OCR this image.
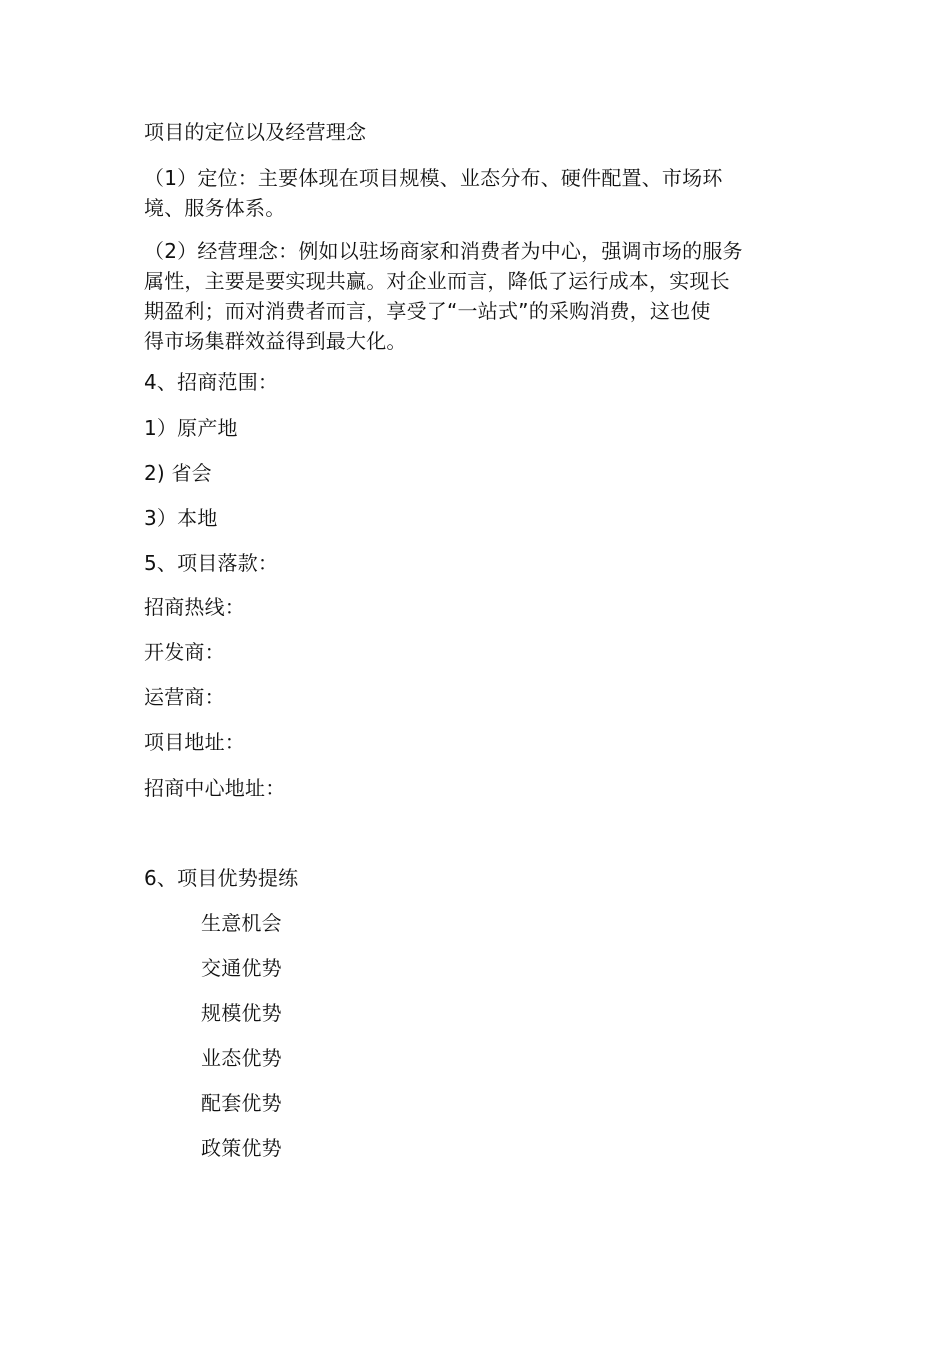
项目的定位以及经营理念
（1）定位：主要体现在项目规模、业态分布、硬件配置、市场环
境、服务体系。
（2）经营理念：例如以驻场商家和消费者为中心，强调市场的服务
属性，主要是要实现共赢。对企业而言，降低了运行成本，实现长
期盈利；而对消费者而言，享受了“一站式”的采购消费，这也使
得市场集群效益得到最大化。
4、招商范围：
1）原产地
2) 省会
3）本地
5、项目落款：
招商热线：
开发商：
运营商：
项目地址：
招商中心地址：
6、项目优势提练
生意机会
交通优势
规模优势
业态优势
配套优势
政策优势
